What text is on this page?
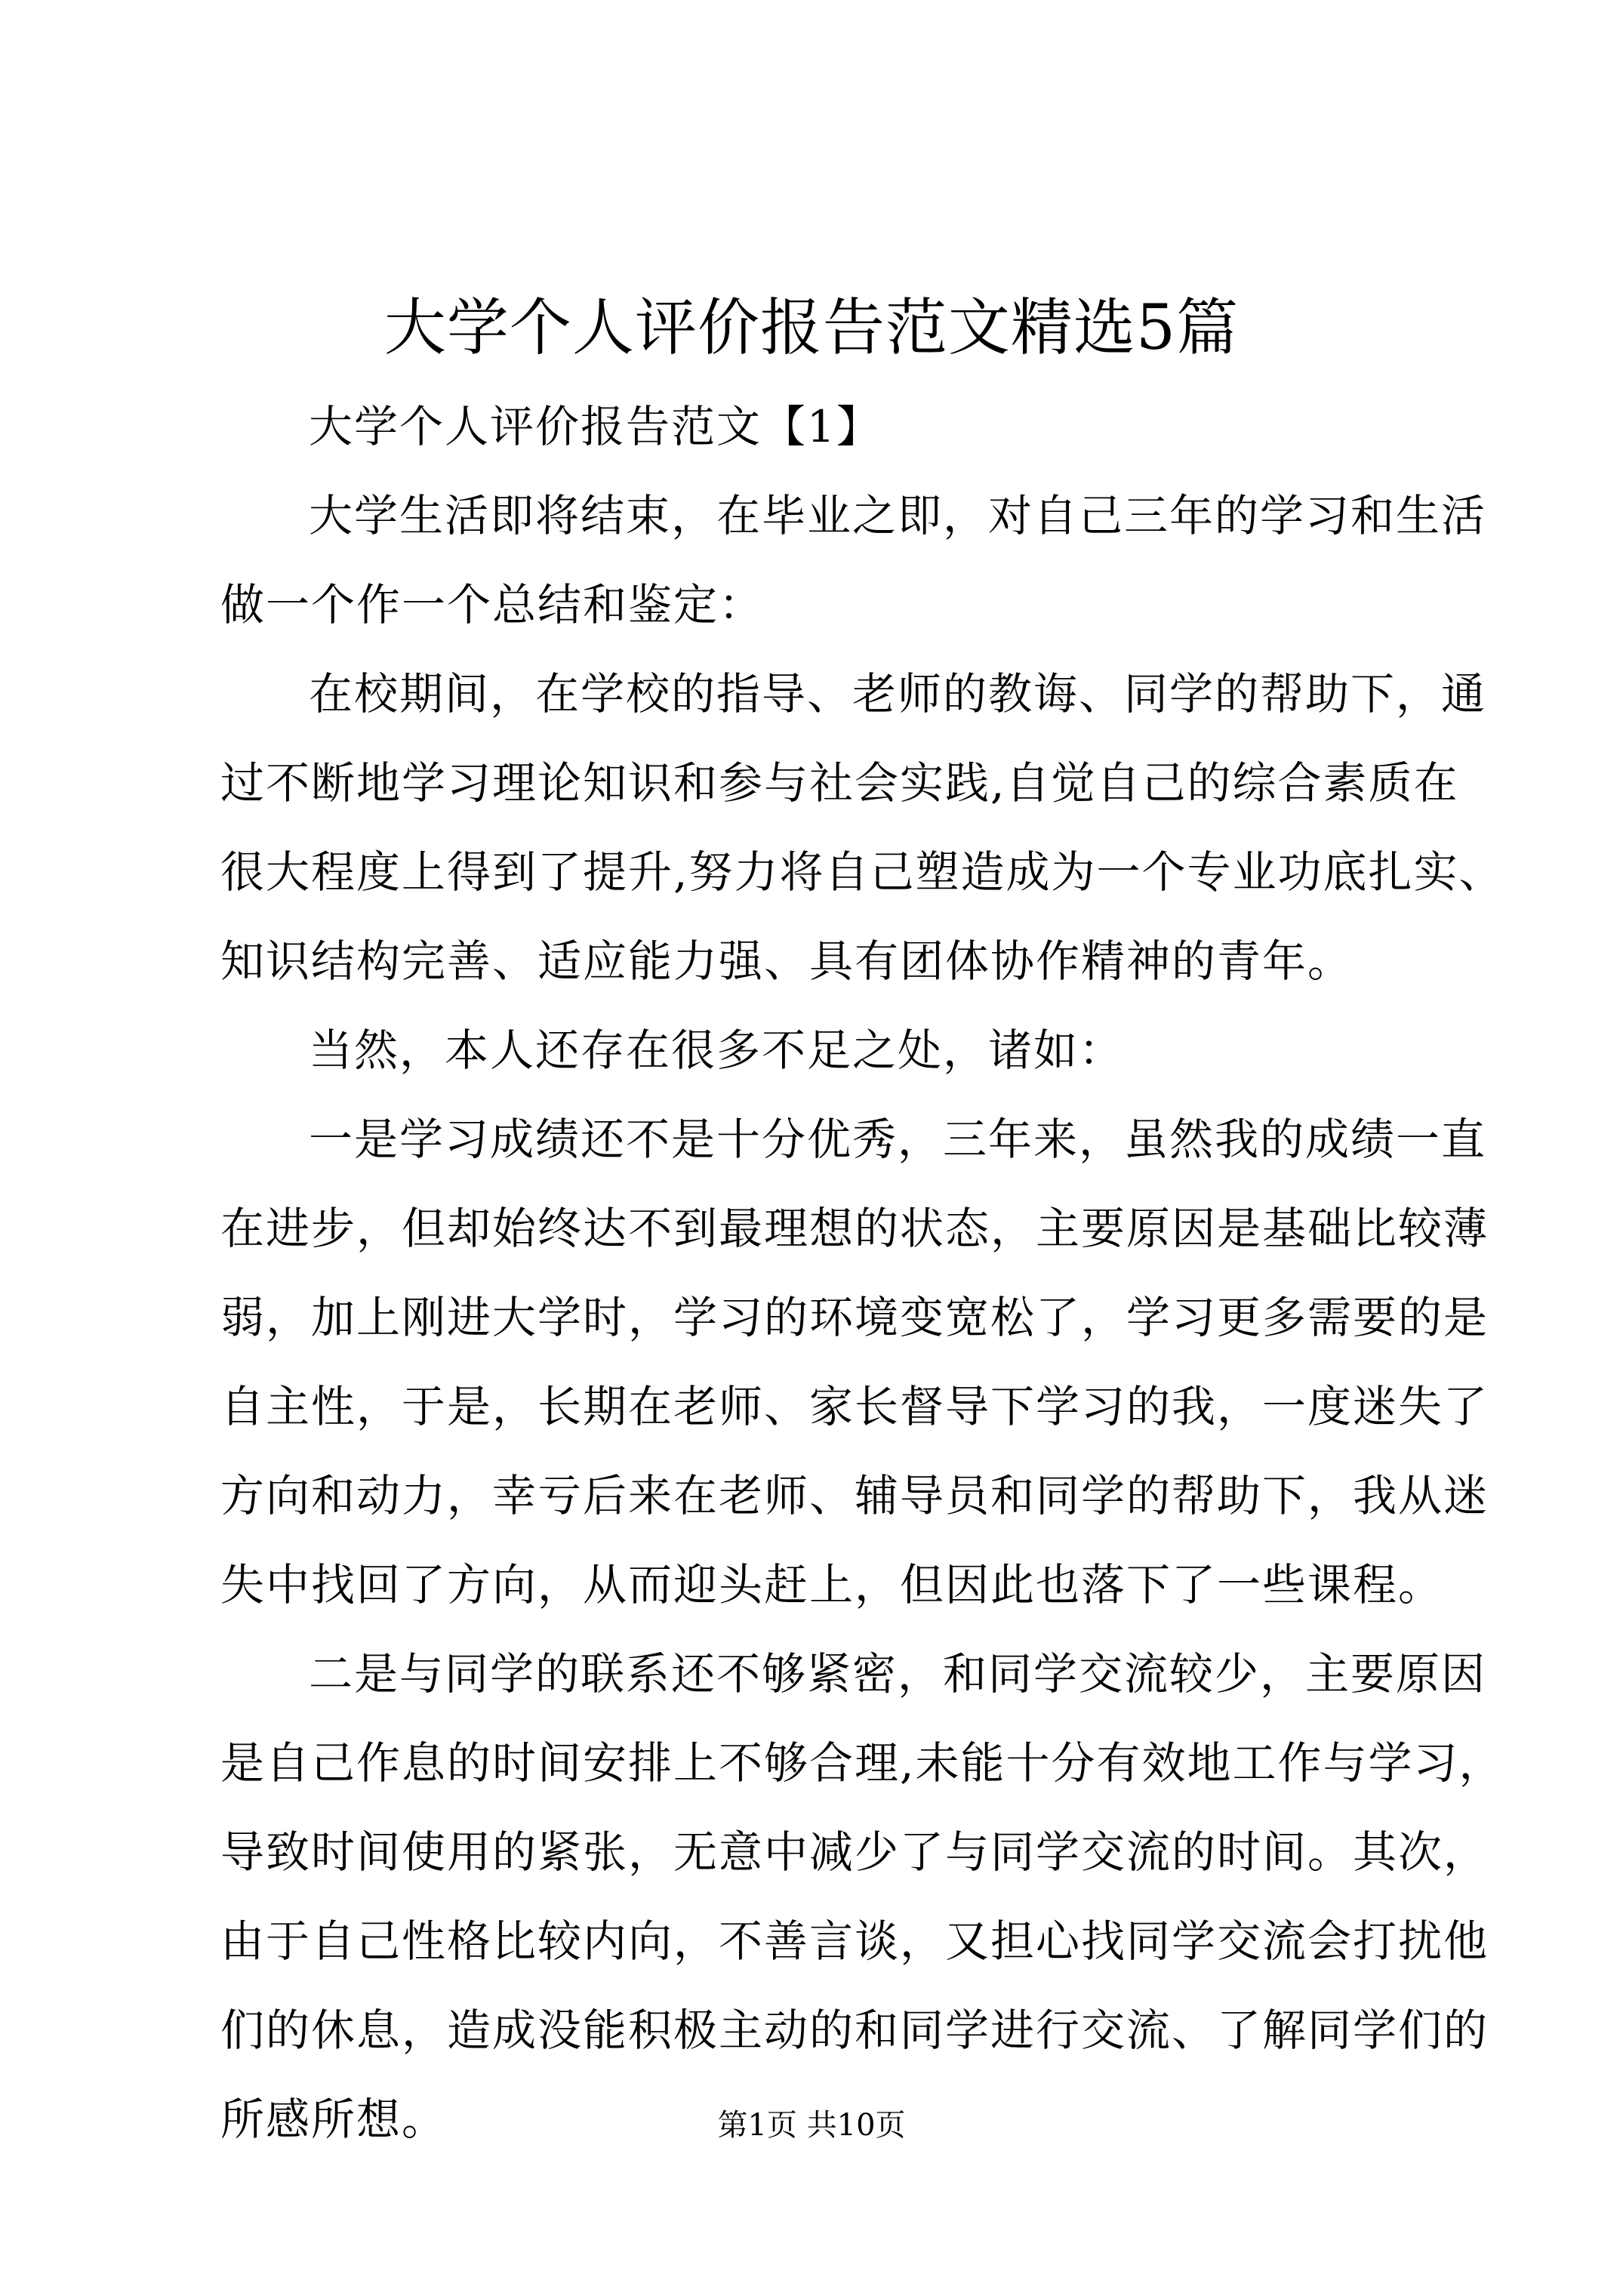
大学个人评价报告范文精选5篇
大学个人评价报告范文【1】
大学生活即将结束，在毕业之即，对自己三年的学习和生活
做一个作一个总结和鉴定：
在校期间，在学校的指导、老师的教诲、同学的帮助下，通
过不断地学习理论知识和参与社会实践,自觉自己的综合素质在
很大程度上得到了提升,努力将自己塑造成为一个专业功底扎实、
知识结构完善、适应能力强、具有团体协作精神的青年。
当然，本人还存在很多不足之处，诸如：
一是学习成绩还不是十分优秀，三年来，虽然我的成绩一直
在进步，但却始终达不到最理想的状态，主要原因是基础比较薄
弱，加上刚进大学时，学习的环境变宽松了，学习更多需要的是
自主性，于是，长期在老师、家长督导下学习的我，一度迷失了
方向和动力，幸亏后来在老师、辅导员和同学的帮助下，我从迷
失中找回了方向，从而迎头赶上，但因此也落下了一些课程。
二是与同学的联系还不够紧密，和同学交流较少，主要原因
是自己作息的时间安排上不够合理,未能十分有效地工作与学习，
导致时间使用的紧张，无意中减少了与同学交流的时间。其次，
由于自己性格比较内向，不善言谈，又担心找同学交流会打扰他
们的休息，造成没能积极主动的和同学进行交流、了解同学们的
所感所想。	第1页 共10页
